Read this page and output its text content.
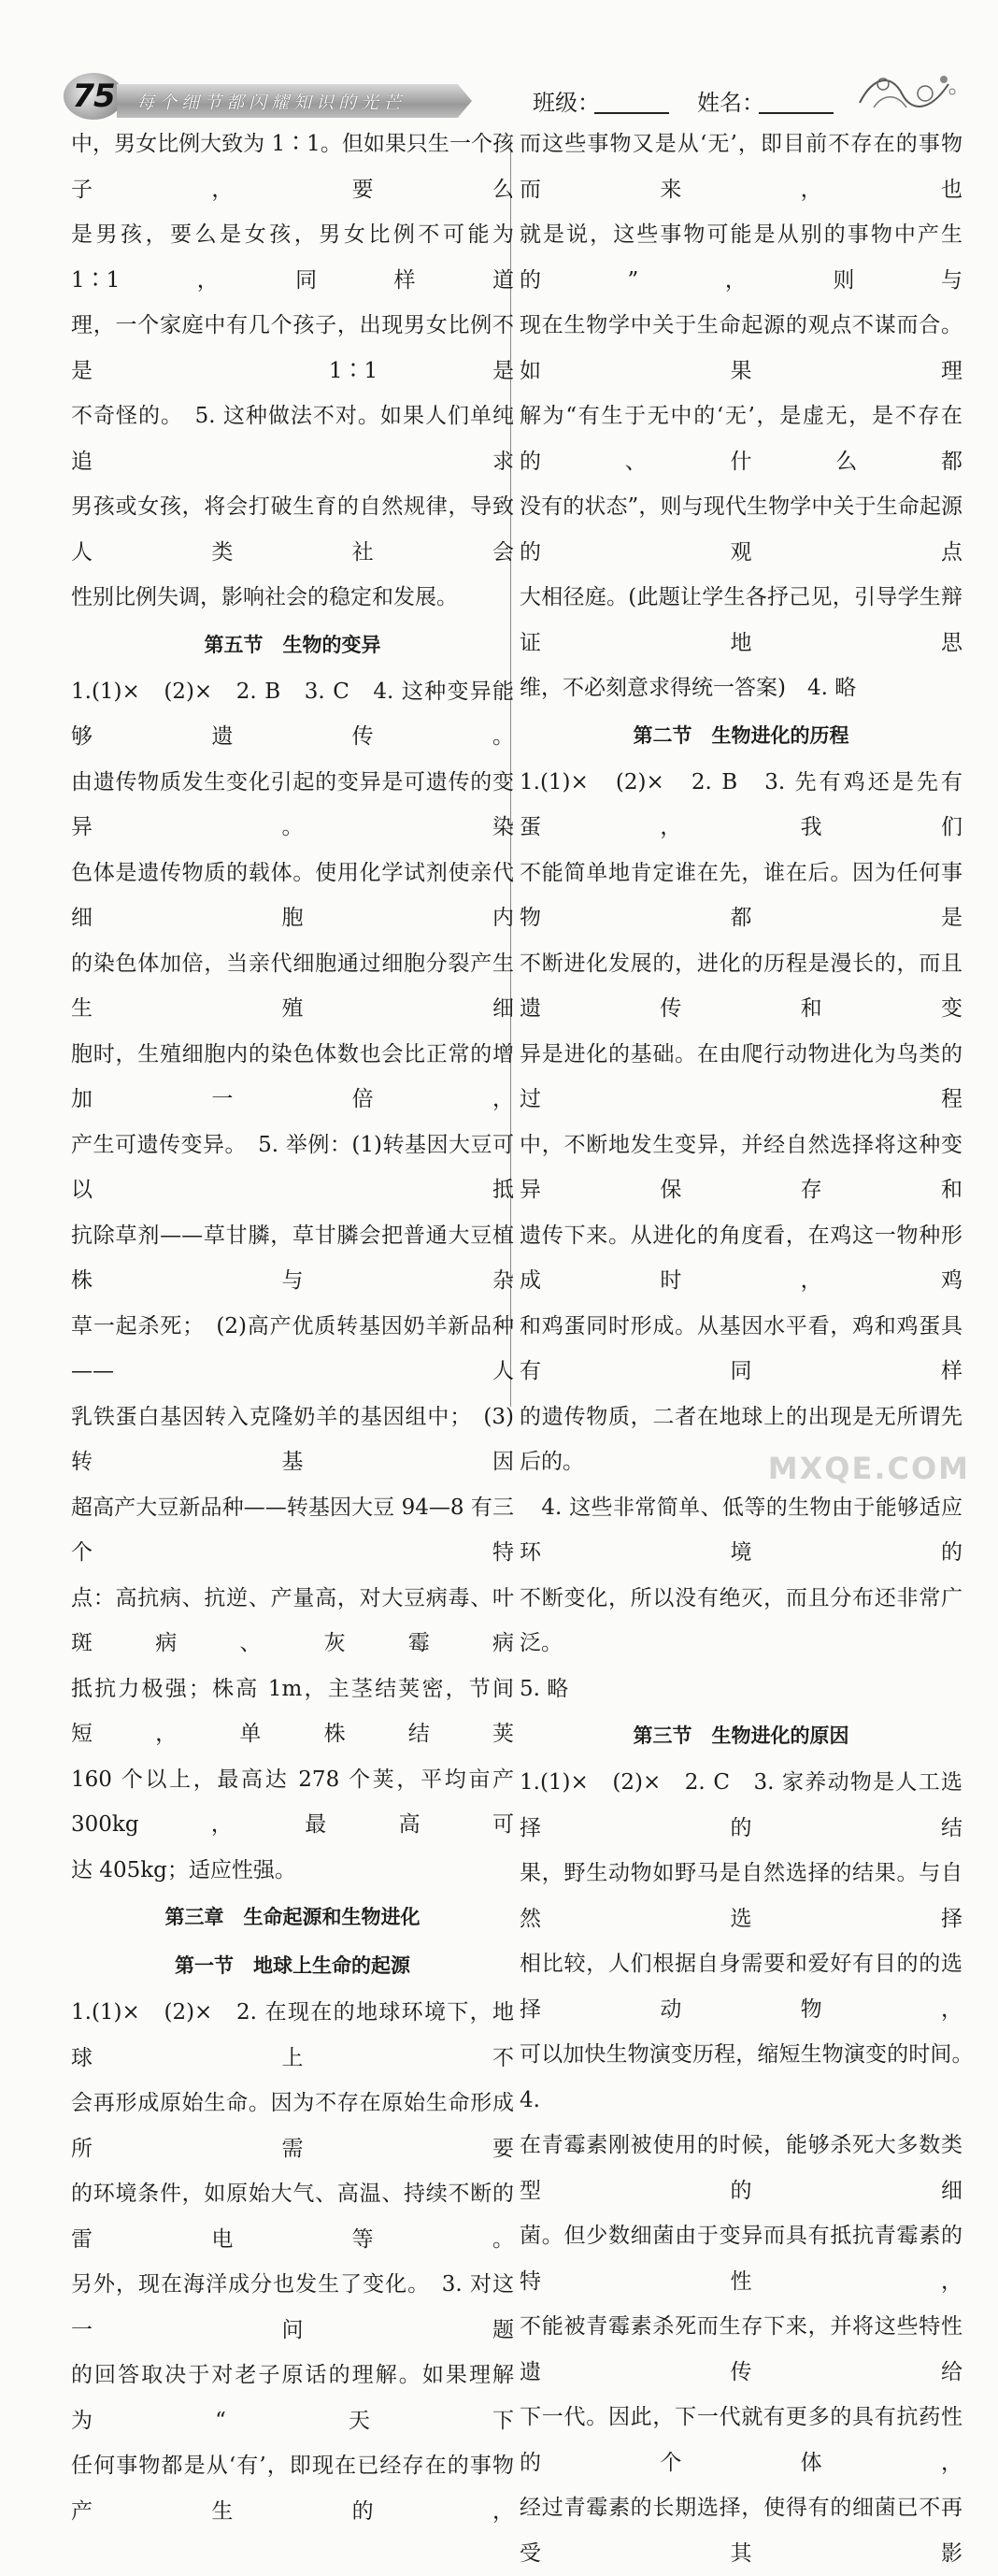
75	每个细节都闪耀知识的光芒	班级：	姓名：

中，男女比例大致为 1∶1。但如果只生一个孩子，要么

是男孩，要么是女孩，男女比例不可能为 1∶1，同样道

理，一个家庭中有几个孩子，出现男女比例不是 1∶1是

不奇怪的。　5. 这种做法不对。如果人们单纯追求

男孩或女孩，将会打破生育的自然规律，导致人类社会

性别比例失调，影响社会的稳定和发展。

第五节　生物的变异

1.(1)×　(2)×　2. B　3. C　4. 这种变异能够遗传。

由遗传物质发生变化引起的变异是可遗传的变异。染

色体是遗传物质的载体。使用化学试剂使亲代细胞内

的染色体加倍，当亲代细胞通过细胞分裂产生生殖细

胞时，生殖细胞内的染色体数也会比正常的增加一倍，

产生可遗传变异。　5. 举例：(1)转基因大豆可以抵

抗除草剂——草甘膦，草甘膦会把普通大豆植株与杂

草一起杀死；　(2)高产优质转基因奶羊新品种——人

乳铁蛋白基因转入克隆奶羊的基因组中；　(3)转基因

超高产大豆新品种——转基因大豆 94—8 有三个特

点：高抗病、抗逆、产量高，对大豆病毒、叶斑病、灰霉病

抵抗力极强；株高 1m，主茎结荚密，节间短，单株结荚

160 个以上，最高达 278 个荚，平均亩产 300kg，最高可

达 405kg；适应性强。

第三章　生命起源和生物进化
第一节　地球上生命的起源

1.(1)×　(2)×　2. 在现在的地球环境下，地球上不

会再形成原始生命。因为不存在原始生命形成所需要

的环境条件，如原始大气、高温、持续不断的雷电等。

另外，现在海洋成分也发生了变化。　3. 对这一问题

的回答取决于对老子原话的理解。如果理解为“天下

任何事物都是从‘有’，即现在已经存在的事物产生的，

而这些事物又是从‘无’，即目前不存在的事物而来，也

就是说，这些事物可能是从别的事物中产生的”，则与

现在生物学中关于生命起源的观点不谋而合。如果理

解为“有生于无中的‘无’，是虚无，是不存在的、什么都

没有的状态”，则与现代生物学中关于生命起源的观点

大相径庭。(此题让学生各抒己见，引导学生辩证地思

维，不必刻意求得统一答案)　4. 略

第二节　生物进化的历程

1.(1)×　(2)×　2. B　3. 先有鸡还是先有蛋，我们

不能简单地肯定谁在先，谁在后。因为任何事物都是

不断进化发展的，进化的历程是漫长的，而且遗传和变

异是进化的基础。在由爬行动物进化为鸟类的过程

中，不断地发生变异，并经自然选择将这种变异保存和

遗传下来。从进化的角度看，在鸡这一物种形成时，鸡

和鸡蛋同时形成。从基因水平看，鸡和鸡蛋具有同样

的遗传物质，二者在地球上的出现是无所谓先后的。

　4. 这些非常简单、低等的生物由于能够适应环境的

不断变化，所以没有绝灭，而且分布还非常广泛。

5. 略

第三节　生物进化的原因

1.(1)×　(2)×　2. C　3. 家养动物是人工选择的结

果，野生动物如野马是自然选择的结果。与自然选择

相比较，人们根据自身需要和爱好有目的的选择动物，

可以加快生物演变历程，缩短生物演变的时间。　4.

在青霉素刚被使用的时候，能够杀死大多数类型的细

菌。但少数细菌由于变异而具有抵抗青霉素的特性，

不能被青霉素杀死而生存下来，并将这些特性遗传给

下一代。因此，下一代就有更多的具有抗药性的个体，

经过青霉素的长期选择，使得有的细菌已不再受其影

MXQE.COM
